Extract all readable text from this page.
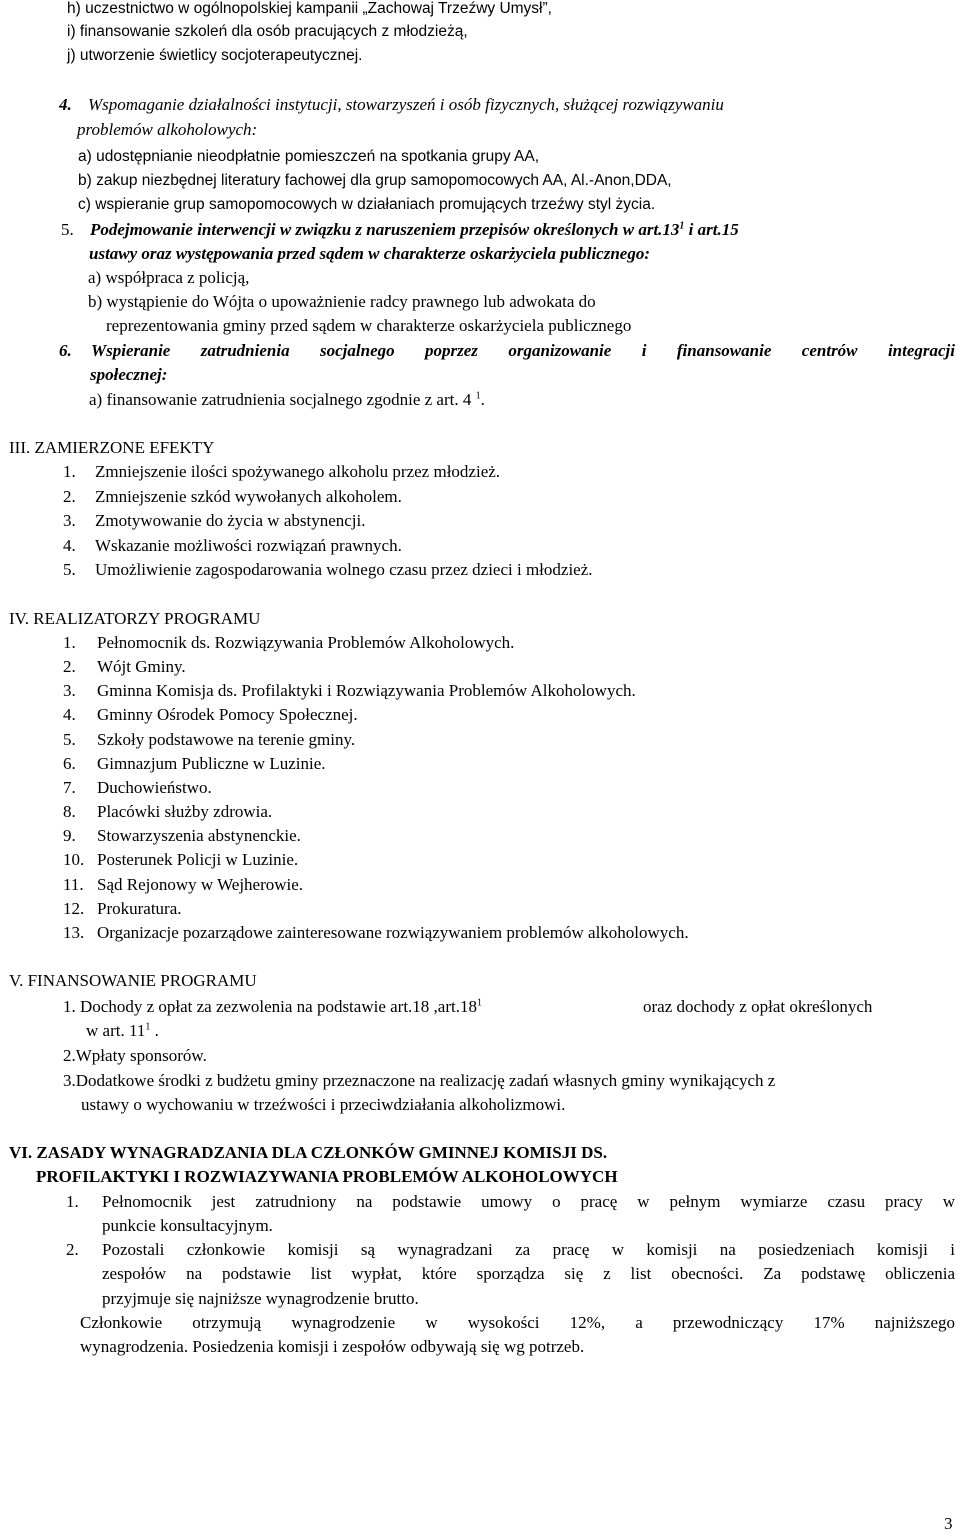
h) uczestnictwo w ogólnopolskiej kampanii „Zachowaj Trzeźwy Umysł”,
i) finansowanie szkoleń dla osób pracujących z młodzieżą,
j) utworzenie świetlicy socjoterapeutycznej.
4. Wspomaganie działalności instytucji, stowarzyszeń i osób fizycznych, służącej rozwiązywaniu
problemów alkoholowych:
a) udostępnianie nieodpłatnie pomieszczeń na spotkania grupy AA,
b) zakup niezbędnej literatury fachowej dla grup samopomocowych AA, Al.-Anon,DDA,
c) wspieranie grup samopomocowych w działaniach promujących trzeźwy styl życia.
5. Podejmowanie interwencji w związku z naruszeniem przepisów określonych w $art.13^1$ i art.15
ustawy oraz występowania przed sądem w charakterze oskarżyciela publicznego:
a) współpraca z policją,
b) wystąpienie do Wójta o upoważnienie radcy prawnego lub adwokata do
reprezentowania gminy przed sądem w charakterze oskarżyciela publicznego
6. Wspieranie zatrudnienia socjalnego poprzez organizowanie i finansowanie centrów integracji
społecznej:
a) finansowanie zatrudnienia socjalnego zgodnie z art. 4 $^1$.
III. ZAMIERZONE EFEKTY
1. Zmniejszenie ilości spożywanego alkoholu przez młodzież.
2. Zmniejszenie szkód wywołanych alkoholem.
3. Zmotywowanie do życia w abstynencji.
4. Wskazanie możliwości rozwiązań prawnych.
5. Umożliwienie zagospodarowania wolnego czasu przez dzieci i młodzież.
IV. REALIZATORZY PROGRAMU
1. Pełnomocnik ds. Rozwiązywania Problemów Alkoholowych.
2. Wójt Gminy.
3. Gminna Komisja ds. Profilaktyki i Rozwiązywania Problemów Alkoholowych.
4. Gminny Ośrodek Pomocy Społecznej.
5. Szkoły podstawowe na terenie gminy.
6. Gimnazjum Publiczne w Luzinie.
7. Duchowieństwo.
8. Placówki służby zdrowia.
9. Stowarzyszenia abstynenckie.
10. Posterunek Policji w Luzinie.
11. Sąd Rejonowy w Wejherowie.
12. Prokuratura.
13. Organizacje pozarządowe zainteresowane rozwiązywaniem problemów alkoholowych.
V. FINANSOWANIE PROGRAMU
1. Dochody z opłat za zezwolenia na podstawie art.18 $,art.18^1$	oraz dochody z opłat określonych
w art. $11^1$ .
2.Wpłaty sponsorów.
3.Dodatkowe środki z budżetu gminy przeznaczone na realizację zadań własnych gminy wynikających z
ustawy o wychowaniu w trzeźwości i przeciwdziałania alkoholizmowi.
VI. ZASADY WYNAGRADZANIA DLA CZŁONKÓW GMINNEJ KOMISJI DS.
PROFILAKTYKI I ROZWIAZYWANIA PROBLEMÓW ALKOHOLOWYCH
1. Pełnomocnik jest zatrudniony na podstawie umowy o pracę w pełnym wymiarze czasu pracy w
punkcie konsultacyjnym.
2. Pozostali członkowie komisji są wynagradzani za pracę w komisji na posiedzeniach komisji i
zespołów na podstawie list wypłat, które sporządza się z list obecności. Za podstawę obliczenia
przyjmuje się najniższe wynagrodzenie brutto.
Członkowie otrzymują wynagrodzenie w wysokości 12%, a przewodniczący 17% najniższego
wynagrodzenia. Posiedzenia komisji i zespołów odbywają się wg potrzeb.
3
